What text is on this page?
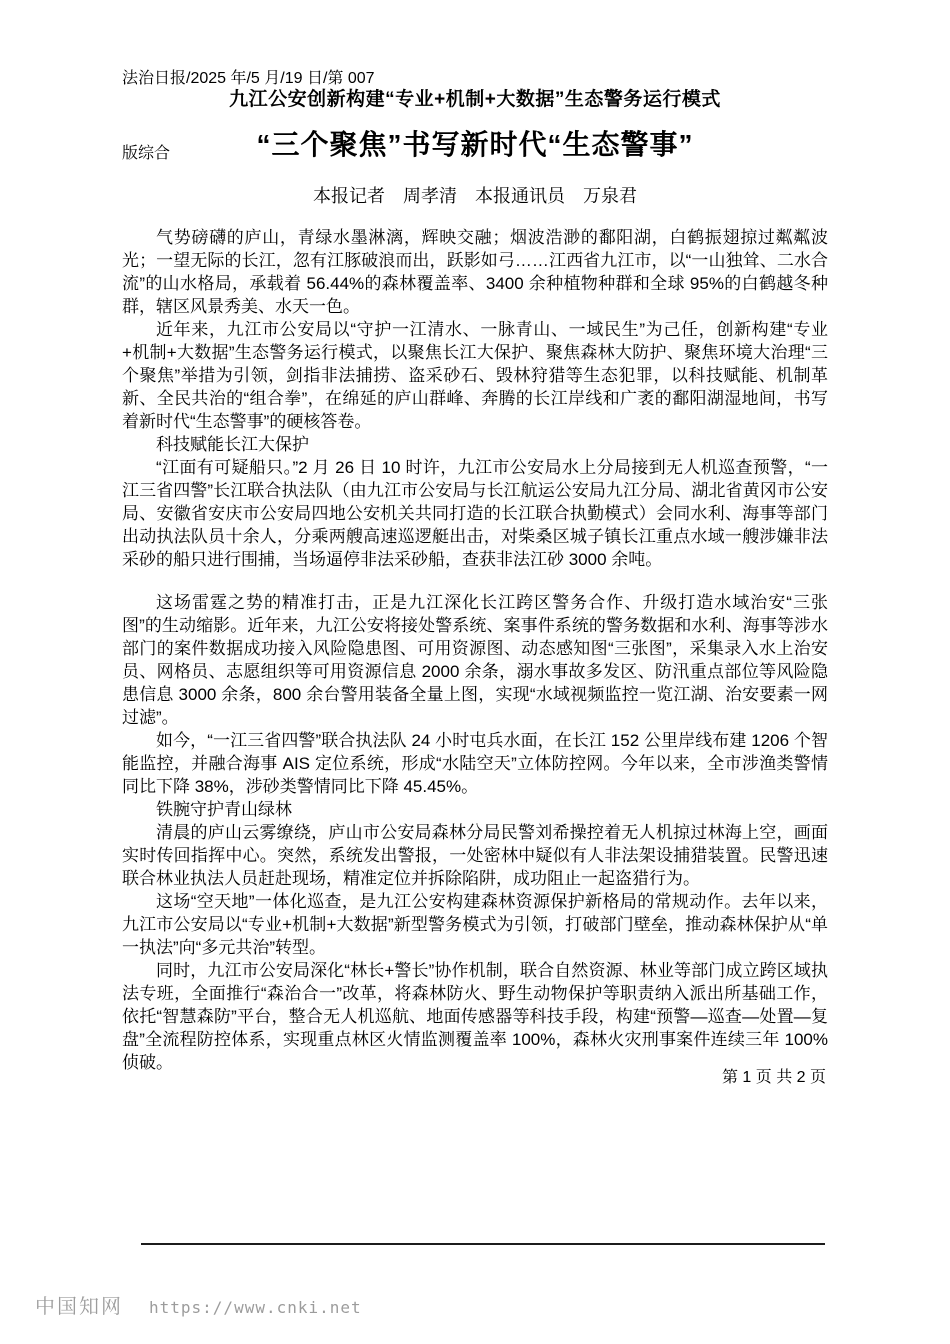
法治日报/2025 年/5 月/19 日/第 007

版综合

九江公安创新构建“专业+机制+大数据”生态警务运行模式
“三个聚焦”书写新时代“生态警事”
本报记者　周孝清　本报通讯员　万泉君

气势磅礴的庐山，青绿水墨淋漓，辉映交融；烟波浩渺的鄱阳湖，白鹤振翅掠过粼粼波光；一望无际的长江，忽有江豚破浪而出，跃影如弓……江西省九江市，以“一山独耸、二水合流”的山水格局，承载着 56.44%的森林覆盖率、3400 余种植物种群和全球 95%的白鹤越冬种群，辖区风景秀美、水天一色。

近年来，九江市公安局以“守护一江清水、一脉青山、一域民生”为己任，创新构建“专业+机制+大数据”生态警务运行模式，以聚焦长江大保护、聚焦森林大防护、聚焦环境大治理“三个聚焦”举措为引领，剑指非法捕捞、盗采砂石、毁林狩猎等生态犯罪，以科技赋能、机制革新、全民共治的“组合拳”，在绵延的庐山群峰、奔腾的长江岸线和广袤的鄱阳湖湿地间，书写着新时代“生态警事”的硬核答卷。

科技赋能长江大保护

“江面有可疑船只。”2 月 26 日 10 时许，九江市公安局水上分局接到无人机巡查预警，“一江三省四警”长江联合执法队（由九江市公安局与长江航运公安局九江分局、湖北省黄冈市公安局、安徽省安庆市公安局四地公安机关共同打造的长江联合执勤模式）会同水利、海事等部门出动执法队员十余人，分乘两艘高速巡逻艇出击，对柴桑区城子镇长江重点水域一艘涉嫌非法采砂的船只进行围捕，当场逼停非法采砂船，查获非法江砂 3000 余吨。

这场雷霆之势的精准打击，正是九江深化长江跨区警务合作、升级打造水域治安“三张图”的生动缩影。近年来，九江公安将接处警系统、案事件系统的警务数据和水利、海事等涉水部门的案件数据成功接入风险隐患图、可用资源图、动态感知图“三张图”，采集录入水上治安员、网格员、志愿组织等可用资源信息 2000 余条，溺水事故多发区、防汛重点部位等风险隐患信息 3000 余条，800 余台警用装备全量上图，实现“水域视频监控一览江湖、治安要素一网过滤”。

如今，“一江三省四警”联合执法队 24 小时屯兵水面，在长江 152 公里岸线布建 1206 个智能监控，并融合海事 AIS 定位系统，形成“水陆空天”立体防控网。今年以来，全市涉渔类警情同比下降 38%，涉砂类警情同比下降 45.45%。

铁腕守护青山绿林

清晨的庐山云雾缭绕，庐山市公安局森林分局民警刘希操控着无人机掠过林海上空，画面实时传回指挥中心。突然，系统发出警报，一处密林中疑似有人非法架设捕猎装置。民警迅速联合林业执法人员赶赴现场，精准定位并拆除陷阱，成功阻止一起盗猎行为。

这场“空天地”一体化巡查，是九江公安构建森林资源保护新格局的常规动作。去年以来，九江市公安局以“专业+机制+大数据”新型警务模式为引领，打破部门壁垒，推动森林保护从“单一执法”向“多元共治”转型。

同时，九江市公安局深化“林长+警长”协作机制，联合自然资源、林业等部门成立跨区域执法专班，全面推行“森治合一”改革，将森林防火、野生动物保护等职责纳入派出所基础工作，依托“智慧森防”平台，整合无人机巡航、地面传感器等科技手段，构建“预警—巡查—处置—复盘”全流程防控体系，实现重点林区火情监测覆盖率 100%，森林火灾刑事案件连续三年 100%侦破。

第 1 页 共 2 页
中国知网 https://www.cnki.net
